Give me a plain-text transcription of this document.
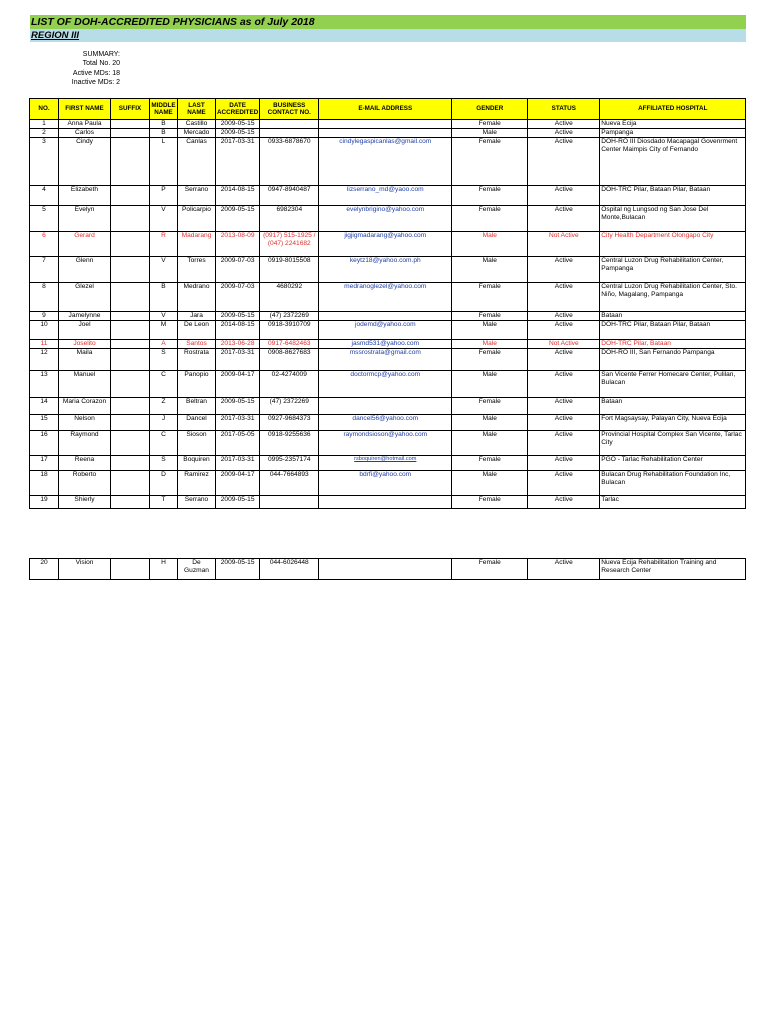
LIST OF DOH-ACCREDITED PHYSICIANS as of July 2018
REGION III
SUMMARY:
Total No. 20
Active MDs: 18
Inactive MDs: 2
NO.	FIRST NAME	SUFFIX	MIDDLE NAME	LAST NAME	DATE ACCREDITED	BUSINESS CONTACT NO.	E-MAIL ADDRESS	GENDER	STATUS	AFFILIATED HOSPITAL
1	Anna Paula		B	Castillo	2009-05-15			Female	Active	Nueva Ecija
2	Carlos		B	Mercado	2009-05-15			Male	Active	Pampanga
3	Cindy		L	Canlas	2017-03-31	0933-6878670	cindylegaspicanlas@gmail.com	Female	Active	DOH-RO III Diosdado Macapagal Govenrment Center Maimpis City of Fernando
4	Elizabeth		P	Serrano	2014-08-15	0947-8940487	lizserrano_md@yaoo.com	Female	Active	DOH-TRC Pilar, Bataan Pilar, Bataan
5	Evelyn		V	Policarpio	2009-05-15	6982304	evelynbrigino@yahoo.com	Female	Active	Ospital ng Lungsod ng San Jose Del Monte,Bulacan
6	Gerard		R	Madarang	2013-08-09	(0917) 515-1925 / (047) 2241682	jigjigmadarang@yahoo.com	Male	Not Active	City Health Department Olongapo City
7	Glenn		V	Torres	2009-07-03	0919-8015508	keytz18@yahoo.com.ph	Male	Active	Central Luzon Drug Rehabilitation Center, Pampanga
8	Glezel		B	Medrano	2009-07-03	4680292	medranoglezel@yahoo.com	Female	Active	Central Luzon Drug Rehabilitation Center, Sto. Niño, Magalang, Pampanga
9	Jamelynne		V	Jara	2009-05-15	(47) 2372269		Female	Active	Bataan
10	Joel		M	De Leon	2014-08-15	0918-3910709	jodemd@yahoo.com	Male	Active	DOH-TRC Pilar, Bataan Pilar, Bataan
11	Joselito		A	Santos	2013-06-28	0917-6482463	jasmd531@yahoo.com	Male	Not Active	DOH-TRC Pilar, Bataan
12	Maila		S	Rostrata	2017-03-31	0908-8627683	mssrostrata@gmail.com	Female	Active	DOH-RO III, San Fernando Pampanga
13	Manuel		C	Panopio	2009-04-17	02-4274009	doctormcp@yahoo.com	Male	Active	San Vicente Ferrer Homecare Center, Pulilan, Bulacan
14	Maria Corazon		Z	Beltran	2009-05-15	(47) 2372269		Female	Active	Bataan
15	Nelson		J	Dancel	2017-03-31	0927-9684373	dancel56@yahoo.com	Male	Active	Fort Magsaysay, Palayan City, Nueva Ecija
16	Raymond		C	Sioson	2017-05-05	0918-9255636	raymondsioson@yahoo.com	Male	Active	Provincial Hospital Complex San Vicente, Tarlac City
17	Reena		S	Boquiren	2017-03-31	0995-2357174	rsboquiren@hotmail.com	Female	Active	PGO - Tarlac Rehabilitation Center
18	Roberto		D	Ramirez	2009-04-17	044-7664893	bdrfi@yahoo.com	Male	Active	Bulacan Drug Rehabilitation Foundation Inc, Bulacan
19	Shierly		T	Serrano	2009-05-15			Female	Active	Tarlac

20	Vision		H	De Guzman	2009-05-15	044-6026448		Female	Active	Nueva Ecija Rehabilitation Training and Research Center
